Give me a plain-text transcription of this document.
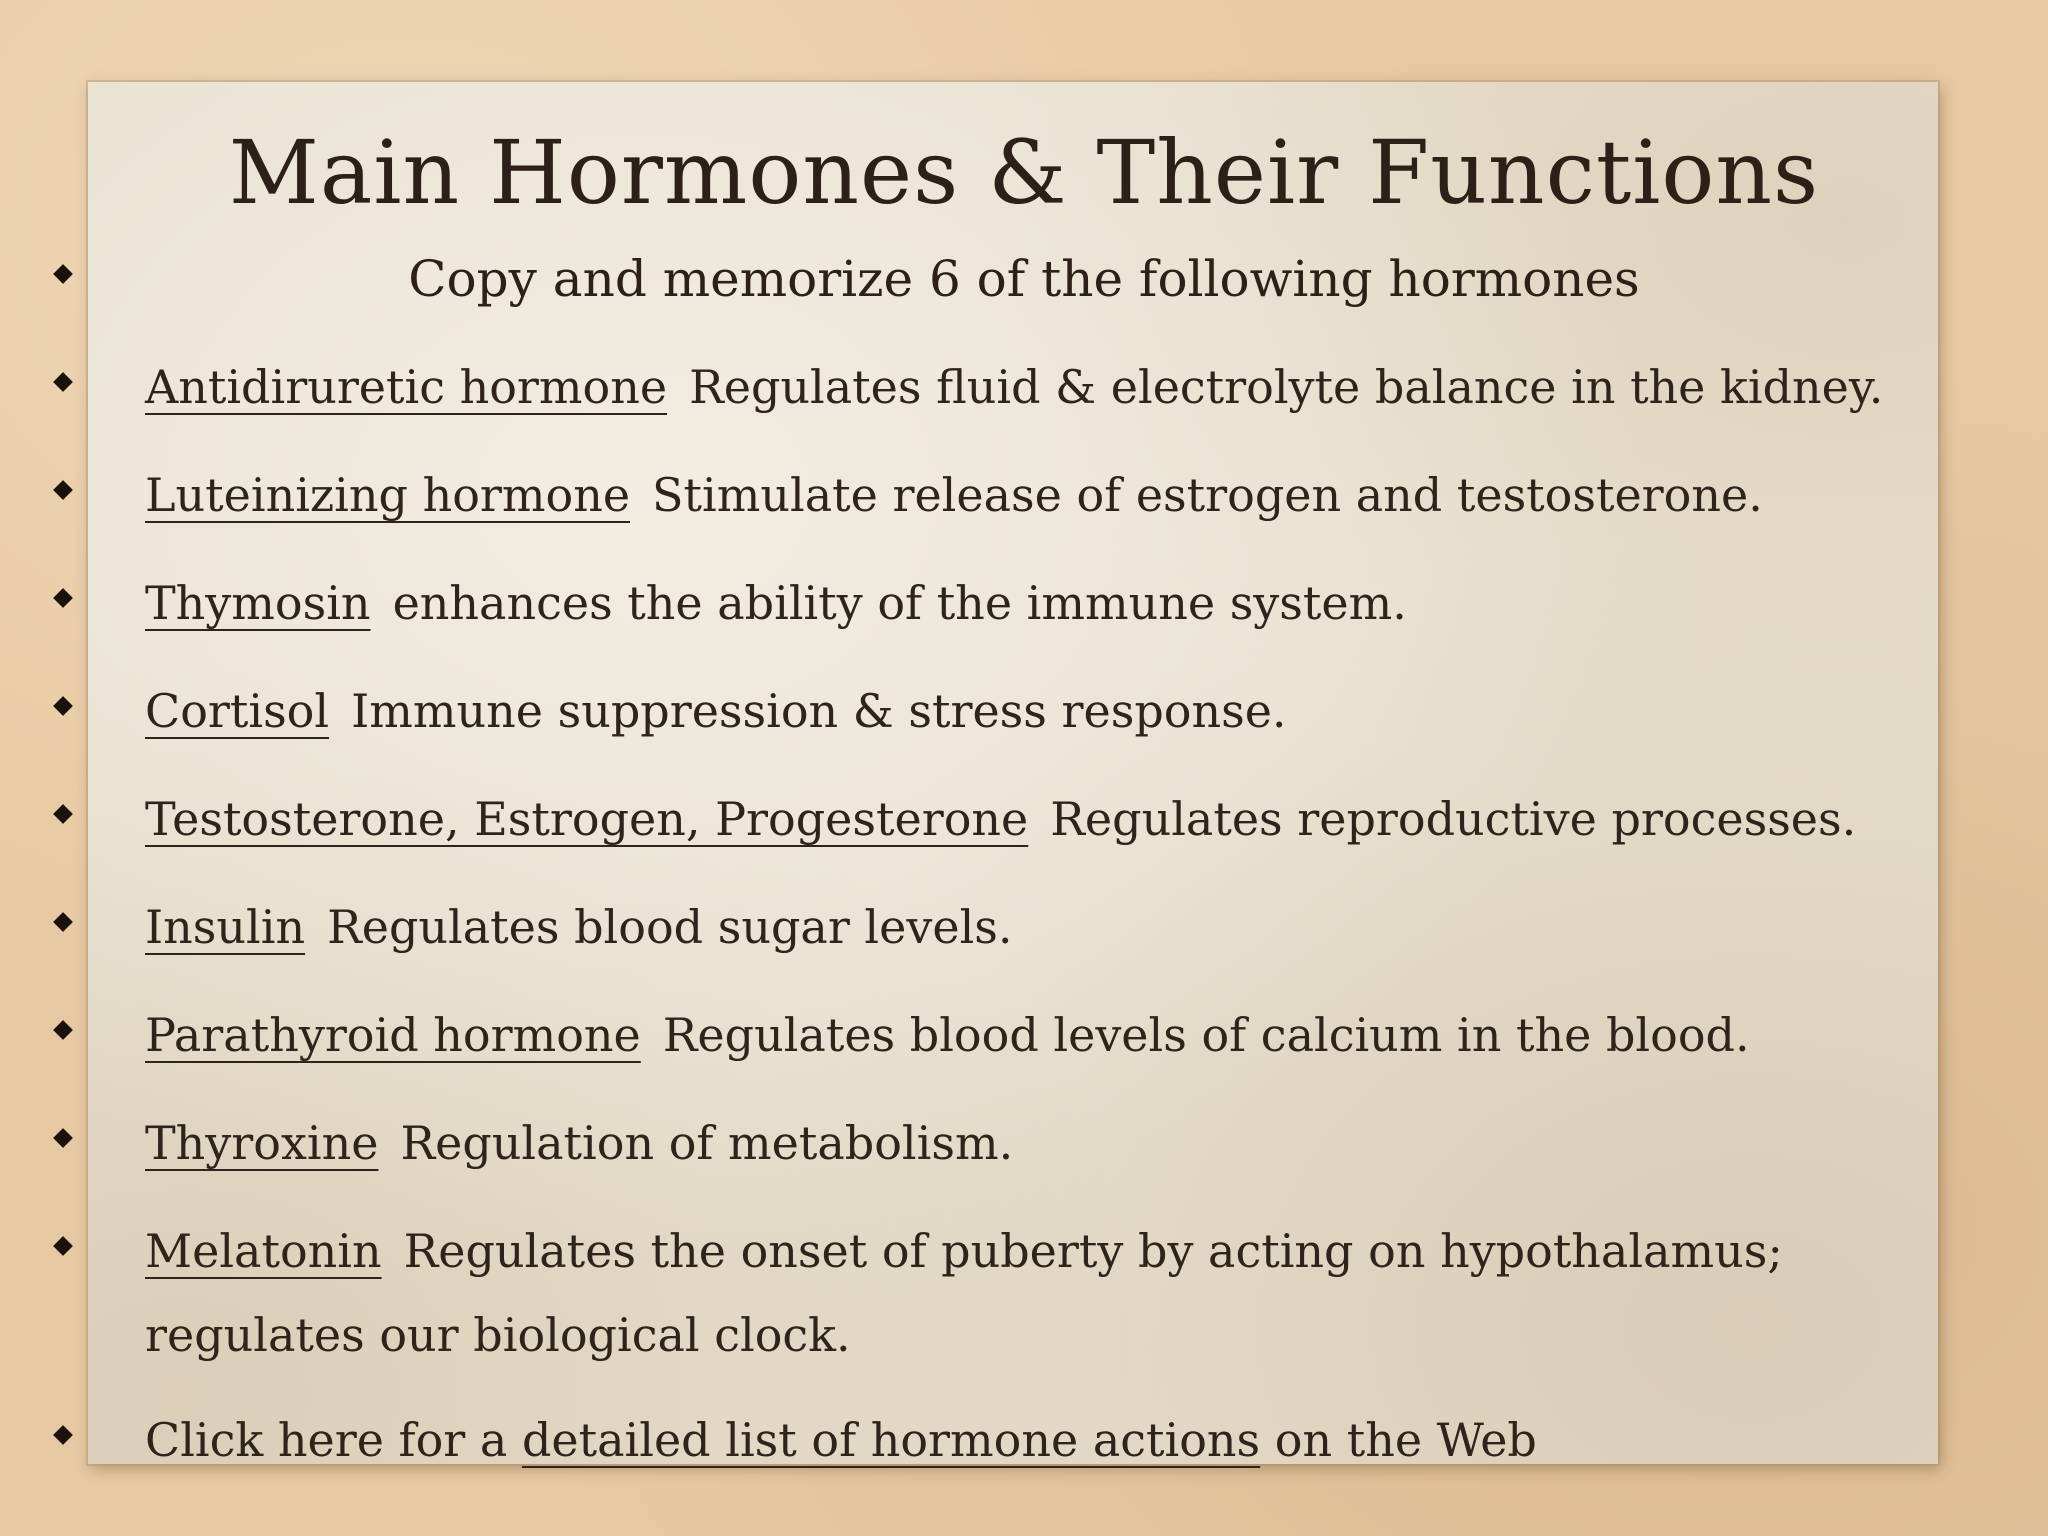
Main Hormones & Their Functions
Copy and memorize 6 of the following hormones
Antidiruretic hormone Regulates fluid & electrolyte balance in the kidney.
Luteinizing hormone Stimulate release of estrogen and testosterone.
Thymosin enhances the ability of the immune system.
Cortisol Immune suppression & stress response.
Testosterone, Estrogen, Progesterone Regulates reproductive processes.
Insulin Regulates blood sugar levels.
Parathyroid hormone Regulates blood levels of calcium in the blood.
Thyroxine Regulation of metabolism.
Melatonin Regulates the onset of puberty by acting on hypothalamus;
regulates our biological clock.
Click here for a detailed list of hormone actions on the Web
